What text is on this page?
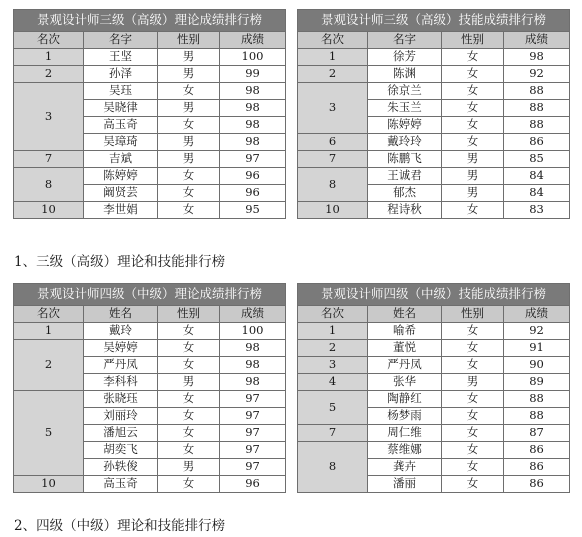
景观设计师三级（高级）理论成绩排行榜			
名次	名字	性别	成绩
1	王坚	男	100
2	孙泽	男	99
3	吴珏	女	98
	吴晓律	男	98
	高玉奇	女	98
	吴璋琦	男	98
7	吉斌	男	97
8	陈婷婷	女	96
	阚贤芸	女	96
10	李世娟	女	95
景观设计师三级（高级）技能成绩排行榜			
名次	名字	性别	成绩
1	徐芳	女	98
2	陈渊	女	92
3	徐京兰	女	88
	朱玉兰	女	88
	陈婷婷	女	88
6	戴玲玲	女	86
7	陈鹏飞	男	85
8	王诚君	男	84
	郁杰	男	84
10	程诗秋	女	83
1、三级（高级）理论和技能排行榜
景观设计师四级（中级）理论成绩排行榜			
名次	姓名	性别	成绩
1	戴玲	女	100
2	吴婷婷	女	98
	严丹凤	女	98
	李科科	男	98
5	张晓珏	女	97
	刘丽玲	女	97
	潘旭云	女	97
	胡奕飞	女	97
	孙轶俊	男	97
10	高玉奇	女	96
景观设计师四级（中级）技能成绩排行榜			
名次	姓名	性别	成绩
1	喻希	女	92
2	董悦	女	91
3	严丹凤	女	90
4	张华	男	89
5	陶静红	女	88
	杨梦雨	女	88
7	周仁维	女	87
8	蔡维娜	女	86
	龚卉	女	86
	潘丽	女	86
2、四级（中级）理论和技能排行榜
